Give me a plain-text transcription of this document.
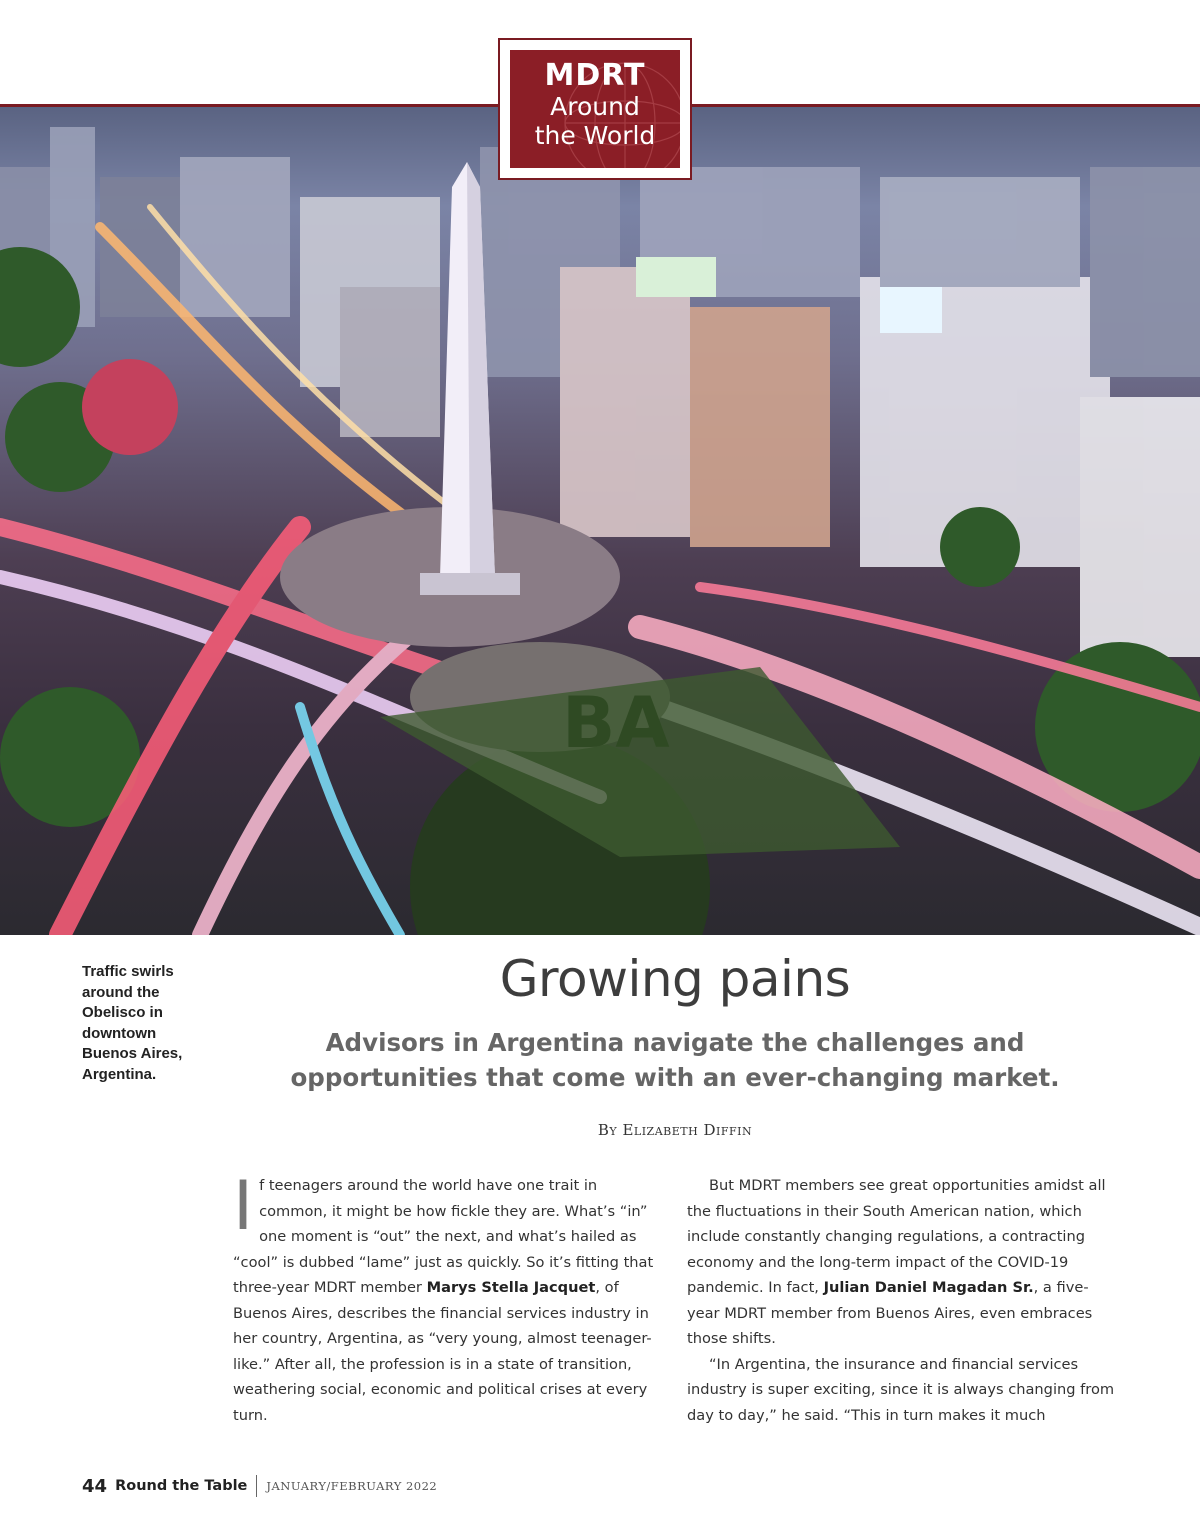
BA
MDRT
Around
the World
Traffic swirls around the Obelisco in downtown Buenos Aires, Argentina.
Growing pains
Advisors in Argentina navigate the challenges and opportunities that come with an ever-changing market.
By Elizabeth Diffin

If teenagers around the world have one trait in common, it might be how fickle they are. What’s “in” one moment is “out” the next, and what’s hailed as “cool” is dubbed “lame” just as quickly. So it’s fitting that three-year MDRT member Marys Stella Jacquet, of Buenos Aires, describes the financial services industry in her country, Argentina, as “very young, almost teenager-like.” After all, the profession is in a state of transition, weathering social, economic and political crises at every turn.

But MDRT members see great opportunities amidst all the fluctuations in their South American nation, which include constantly changing regulations, a contracting economy and the long-term impact of the COVID-19 pandemic. In fact, Julian Daniel Magadan Sr., a five-year MDRT member from Buenos Aires, even embraces those shifts.

“In Argentina, the insurance and financial services industry is super exciting, since it is always changing from day to day,” he said. “This in turn makes it much

44 Round the Table JANUARY/FEBRUARY 2022
